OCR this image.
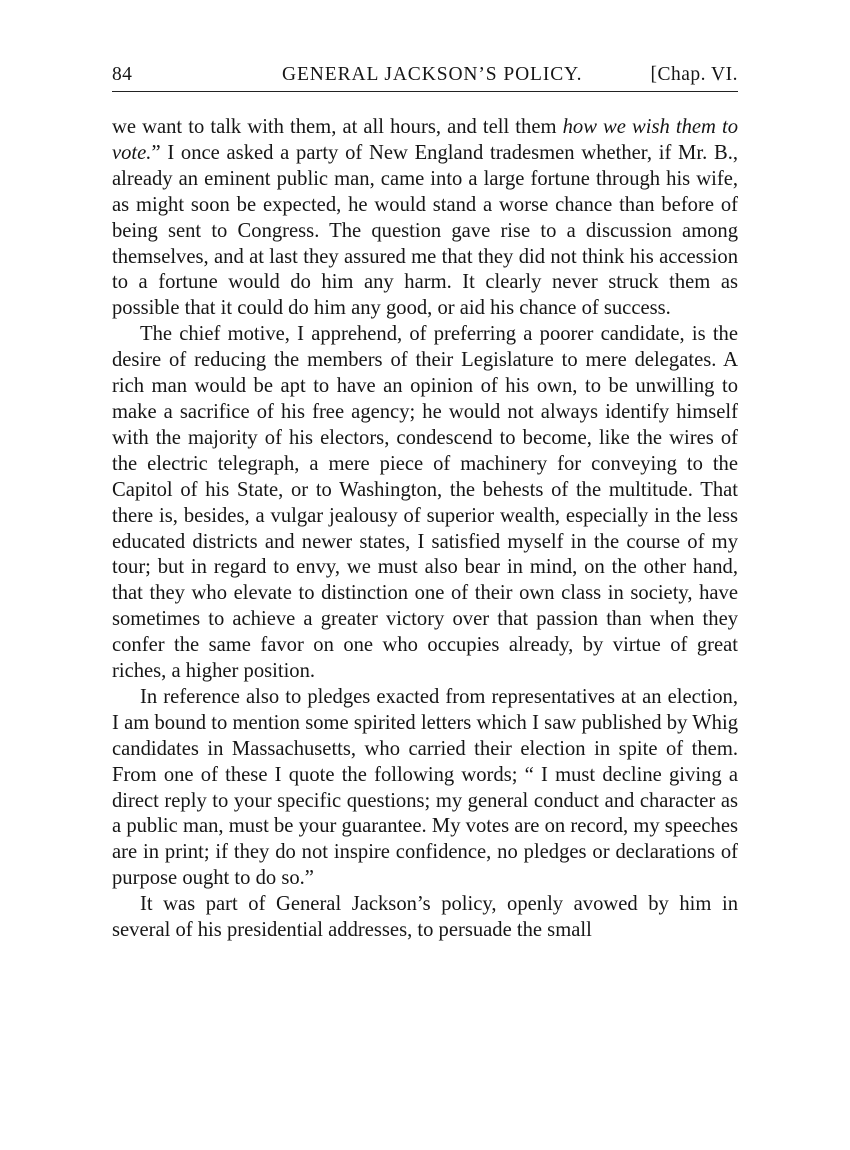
84	GENERAL JACKSON’S POLICY.	[Chap. VI.

we want to talk with them, at all hours, and tell them how we wish them to vote.” I once asked a party of New England tradesmen whether, if Mr. B., already an eminent public man, came into a large fortune through his wife, as might soon be expected, he would stand a worse chance than before of being sent to Congress. The question gave rise to a discussion among themselves, and at last they assured me that they did not think his accession to a fortune would do him any harm. It clearly never struck them as possible that it could do him any good, or aid his chance of success.

The chief motive, I apprehend, of preferring a poorer candidate, is the desire of reducing the members of their Legislature to mere delegates. A rich man would be apt to have an opinion of his own, to be unwilling to make a sacrifice of his free agency; he would not always identify himself with the majority of his electors, condescend to become, like the wires of the electric telegraph, a mere piece of machinery for conveying to the Capitol of his State, or to Washington, the behests of the multitude. That there is, besides, a vulgar jealousy of superior wealth, especially in the less educated districts and newer states, I satisfied myself in the course of my tour; but in regard to envy, we must also bear in mind, on the other hand, that they who elevate to distinction one of their own class in society, have sometimes to achieve a greater victory over that passion than when they confer the same favor on one who occupies already, by virtue of great riches, a higher position.

In reference also to pledges exacted from representatives at an election, I am bound to mention some spirited letters which I saw published by Whig candidates in Massachusetts, who carried their election in spite of them. From one of these I quote the following words; “ I must decline giving a direct reply to your specific questions; my general conduct and character as a public man, must be your guarantee. My votes are on record, my speeches are in print; if they do not inspire confidence, no pledges or declarations of purpose ought to do so.”

It was part of General Jackson’s policy, openly avowed by him in several of his presidential addresses, to persuade the small
